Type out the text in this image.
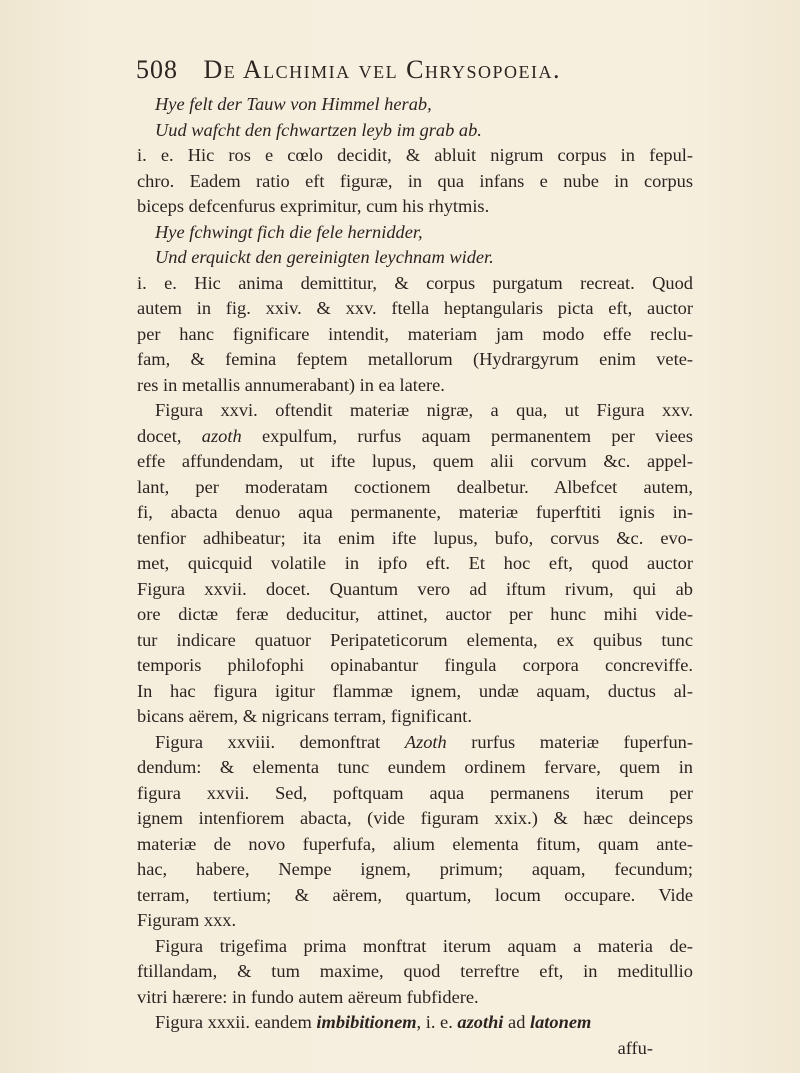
508 De Alchimia vel Chrysopoeia.
Hye felt der Tauw von Himmel herab,
Uud wafcht den fchwartzen leyb im grab ab.
i. e. Hic ros e cœlo decidit, & abluit nigrum corpus in fepul-
chro. Eadem ratio eft figuræ, in qua infans e nube in corpus
biceps defcenfurus exprimitur, cum his rhytmis.
Hye fchwingt fich die fele hernidder,
Und erquickt den gereinigten leychnam wider.
i. e. Hic anima demittitur, & corpus purgatum recreat. Quod
autem in fig. xxiv. & xxv. ftella heptangularis picta eft, auctor
per hanc fignificare intendit, materiam jam modo effe reclu-
fam, & femina feptem metallorum (Hydrargyrum enim vete-
res in metallis annumerabant) in ea latere.
Figura xxvi. oftendit materiæ nigræ, a qua, ut Figura xxv.
docet, azoth expulfum, rurfus aquam permanentem per viees
effe affundendam, ut ifte lupus, quem alii corvum &c. appel-
lant, per moderatam coctionem dealbetur. Albefcet autem,
fi, abacta denuo aqua permanente, materiæ fuperftiti ignis in-
tenfior adhibeatur; ita enim ifte lupus, bufo, corvus &c. evo-
met, quicquid volatile in ipfo eft. Et hoc eft, quod auctor
Figura xxvii. docet. Quantum vero ad iftum rivum, qui ab
ore dictæ feræ deducitur, attinet, auctor per hunc mihi vide-
tur indicare quatuor Peripateticorum elementa, ex quibus tunc
temporis philofophi opinabantur fingula corpora concreviffe.
In hac figura igitur flammæ ignem, undæ aquam, ductus al-
bicans aërem, & nigricans terram, fignificant.
Figura xxviii. demonftrat Azoth rurfus materiæ fuperfun-
dendum: & elementa tunc eundem ordinem fervare, quem in
figura xxvii. Sed, poftquam aqua permanens iterum per
ignem intenfiorem abacta, (vide figuram xxix.) & hæc deinceps
materiæ de novo fuperfufa, alium elementa fitum, quam ante-
hac, habere, Nempe ignem, primum; aquam, fecundum;
terram, tertium; & aërem, quartum, locum occupare. Vide
Figuram xxx.
Figura trigefima prima monftrat iterum aquam a materia de-
ftillandam, & tum maxime, quod terreftre eft, in meditullio
vitri hærere: in fundo autem aëreum fubfidere.
Figura xxxii. eandem imbibitionem, i. e. azothi ad latonem
affu-
